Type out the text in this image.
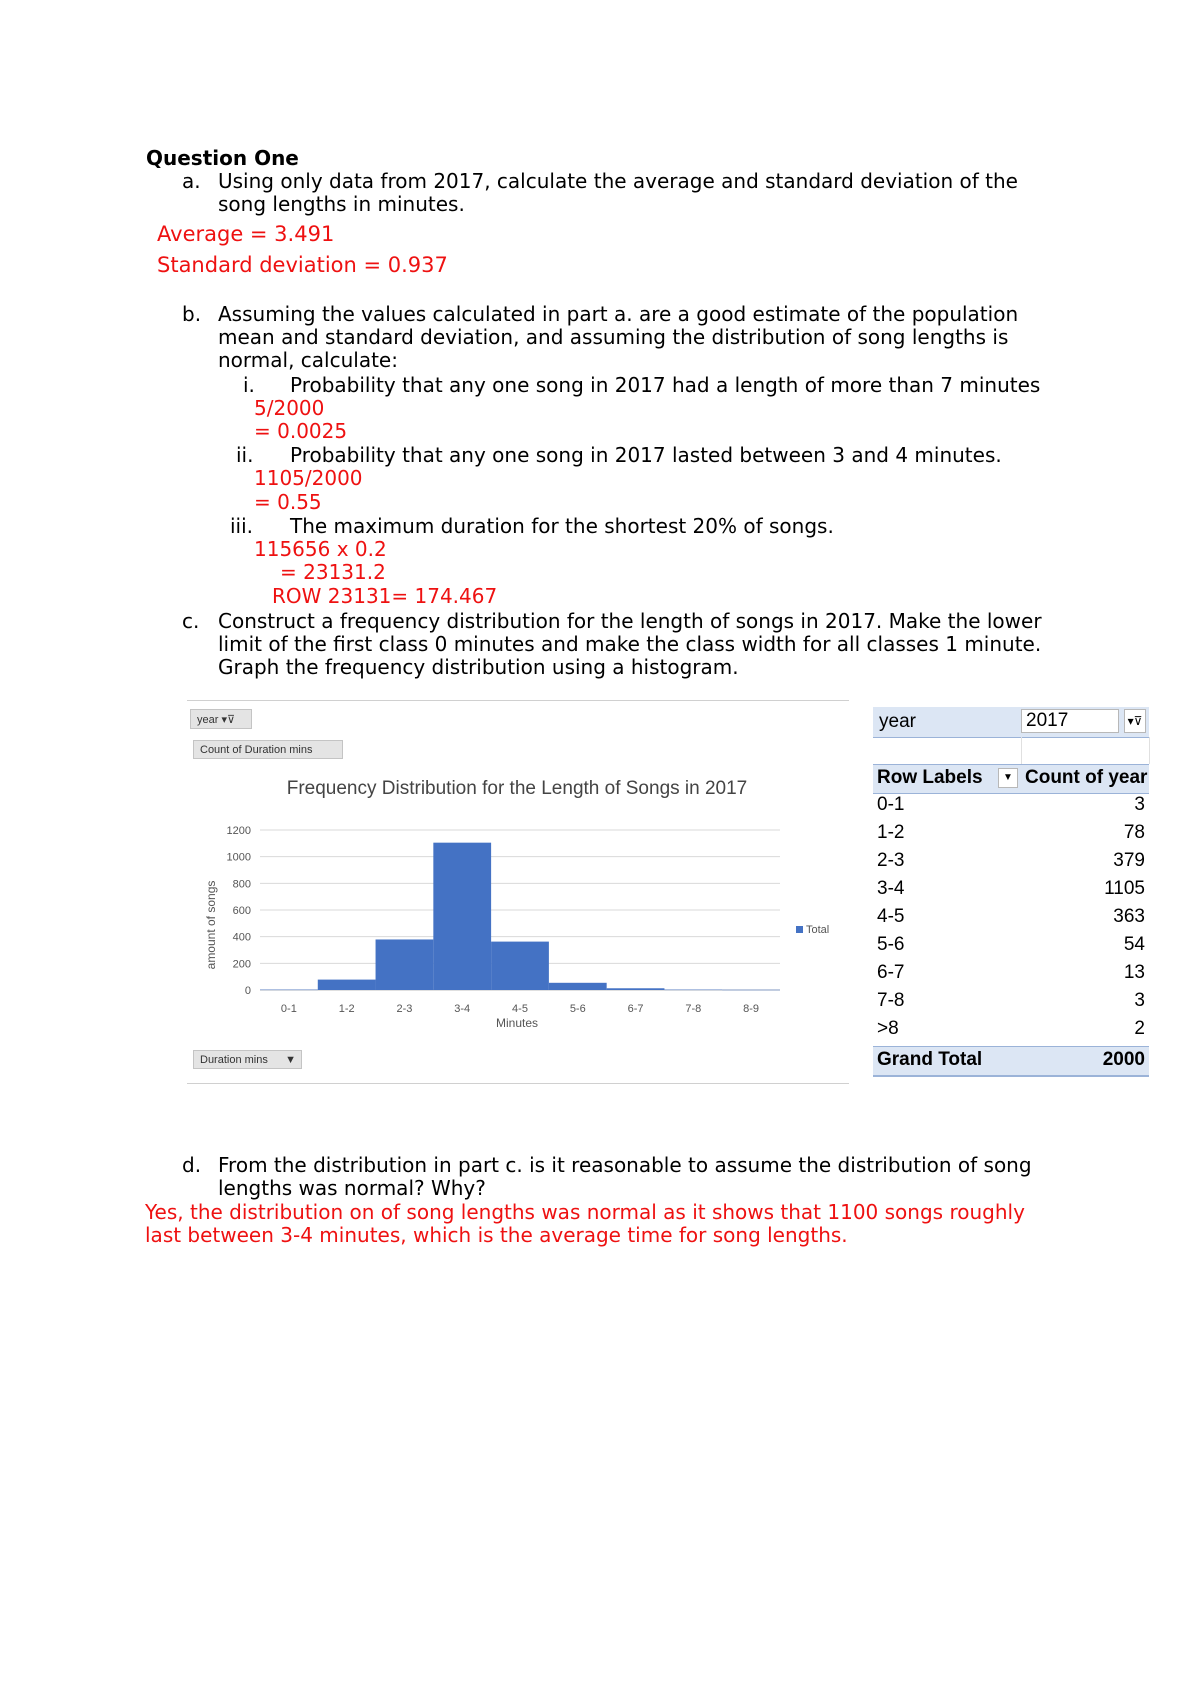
Question One
a. Using only data from 2017, calculate the average and standard deviation of the
song lengths in minutes.
Average = 3.491
Standard deviation = 0.937
b. Assuming the values calculated in part a. are a good estimate of the population
mean and standard deviation, and assuming the distribution of song lengths is
normal, calculate:
i. Probability that any one song in 2017 had a length of more than 7 minutes
5/2000
= 0.0025
ii. Probability that any one song in 2017 lasted between 3 and 4 minutes.
1105/2000
= 0.55
iii. The maximum duration for the shortest 20% of songs.
115656 x 0.2
= 23131.2
ROW 23131= 174.467
c. Construct a frequency distribution for the length of songs in 2017. Make the lower
limit of the first class 0 minutes and make the class width for all classes 1 minute.
Graph the frequency distribution using a histogram.
year ▾⊽
Count of Duration mins
Duration mins ▼
Frequency Distribution for the Length of Songs in 2017
0
200
400
600
800
1000
1200
0-1	1-2	2-3	3-4	4-5	5-6	6-7	7-8	8-9
Minutes
amount of songs	Total
year	2017	▾⊽
Row Labels	▼ Count of year
0-1	3
1-2	78
2-3	379
3-4	1105
4-5	363
5-6	54
6-7	13
7-8	3
>8	2
Grand Total	2000
d. From the distribution in part c. is it reasonable to assume the distribution of song
lengths was normal? Why?
Yes, the distribution on of song lengths was normal as it shows that 1100 songs roughly
last between 3-4 minutes, which is the average time for song lengths.
